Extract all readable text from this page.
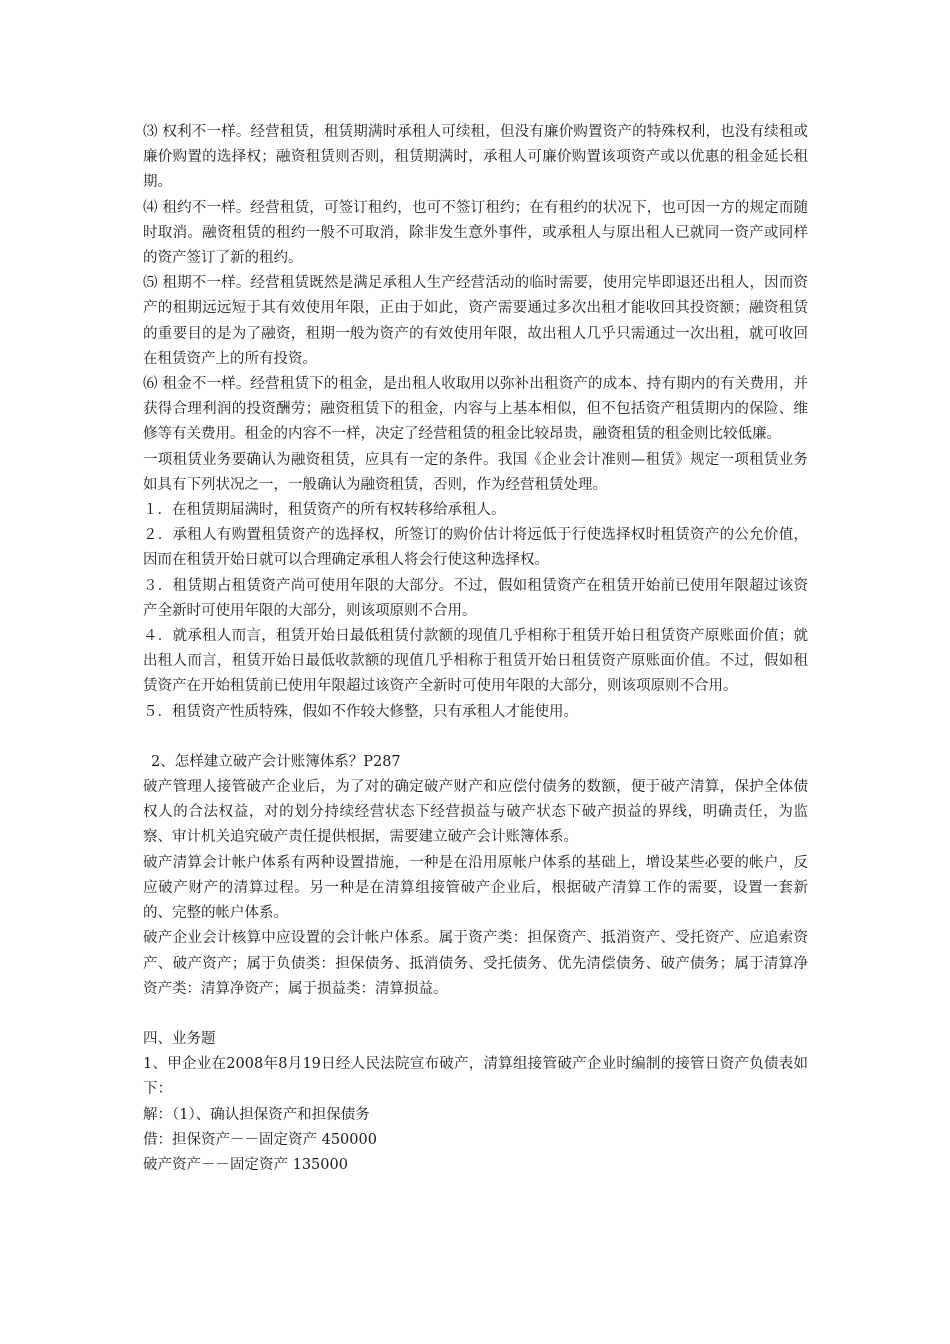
⑶ 权利不一样。经营租赁，租赁期满时承租人可续租，但没有廉价购置资产的特殊权利，也没有续租或廉价购置的选择权；融资租赁则否则，租赁期满时，承租人可廉价购置该项资产或以优惠的租金延长租期。

⑷ 租约不一样。经营租赁，可签订租约，也可不签订租约；在有租约的状况下，也可因一方的规定而随时取消。融资租赁的租约一般不可取消，除非发生意外事件，或承租人与原出租人已就同一资产或同样的资产签订了新的租约。

⑸ 租期不一样。经营租赁既然是满足承租人生产经营活动的临时需要，使用完毕即退还出租人，因而资产的租期远远短于其有效使用年限，正由于如此，资产需要通过多次出租才能收回其投资额；融资租赁的重要目的是为了融资，租期一般为资产的有效使用年限，故出租人几乎只需通过一次出租，就可收回在租赁资产上的所有投资。

⑹ 租金不一样。经营租赁下的租金，是出租人收取用以弥补出租资产的成本、持有期内的有关费用，并获得合理利润的投资酬劳；融资租赁下的租金，内容与上基本相似，但不包括资产租赁期内的保险、维修等有关费用。租金的内容不一样，决定了经营租赁的租金比较昂贵，融资租赁的租金则比较低廉。

一项租赁业务要确认为融资租赁，应具有一定的条件。我国《企业会计准则—租赁》规定一项租赁业务如具有下列状况之一，一般确认为融资租赁，否则，作为经营租赁处理。

１．在租赁期届满时，租赁资产的所有权转移给承租人。

２．承租人有购置租赁资产的选择权，所签订的购价估计将远低于行使选择权时租赁资产的公允价值，因而在租赁开始日就可以合理确定承租人将会行使这种选择权。

３．租赁期占租赁资产尚可使用年限的大部分。不过，假如租赁资产在租赁开始前已使用年限超过该资产全新时可使用年限的大部分，则该项原则不合用。

４．就承租人而言，租赁开始日最低租赁付款额的现值几乎相称于租赁开始日租赁资产原账面价值；就出租人而言，租赁开始日最低收款额的现值几乎相称于租赁开始日租赁资产原账面价值。不过，假如租赁资产在开始租赁前已使用年限超过该资产全新时可使用年限的大部分，则该项原则不合用。

５．租赁资产性质特殊，假如不作较大修整，只有承租人才能使用。

2、怎样建立破产会计账簿体系？P287

破产管理人接管破产企业后，为了对的确定破产财产和应偿付债务的数额，便于破产清算，保护全体债权人的合法权益，对的划分持续经营状态下经营损益与破产状态下破产损益的界线，明确责任，为监察、审计机关追究破产责任提供根据，需要建立破产会计账簿体系。

破产清算会计帐户体系有两种设置措施，一种是在沿用原帐户体系的基础上，增设某些必要的帐户，反应破产财产的清算过程。另一种是在清算组接管破产企业后，根据破产清算工作的需要，设置一套新的、完整的帐户体系。

破产企业会计核算中应设置的会计帐户体系。属于资产类：担保资产、抵消资产、受托资产、应追索资产、破产资产；属于负债类：担保债务、抵消债务、受托债务、优先清偿债务、破产债务；属于清算净资产类：清算净资产；属于损益类：清算损益。

四、业务题

1、甲企业在2008年8月19日经人民法院宣布破产，清算组接管破产企业时编制的接管日资产负债表如下：

解：（1）、确认担保资产和担保债务

借：担保资产－－固定资产 450000

破产资产－－固定资产 135000
